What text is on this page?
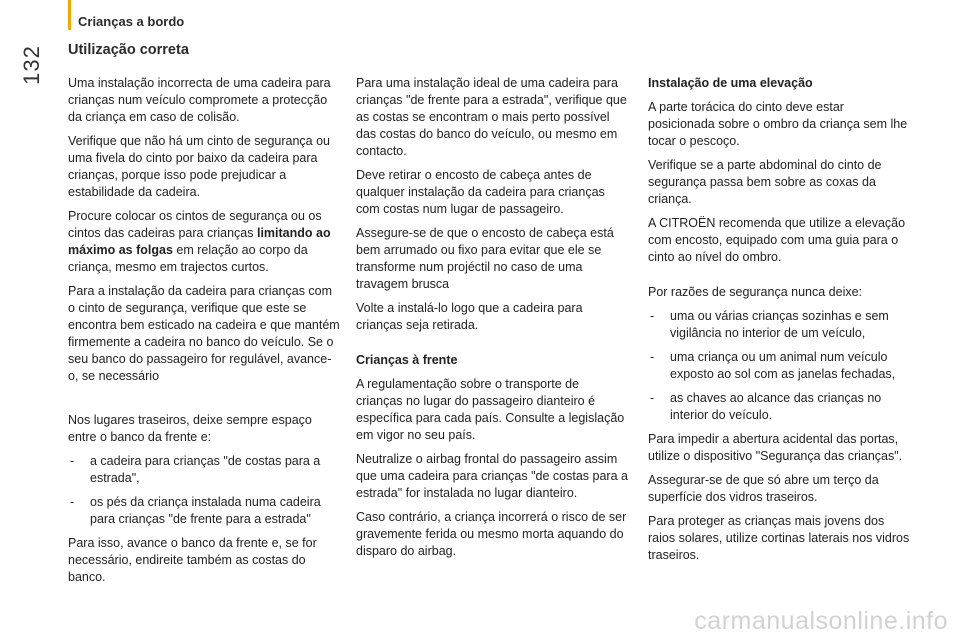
Crianças a bordo
132 Utilização correta

Uma instalação incorrecta de uma cadeira para crianças num veículo compromete a protecção da criança em caso de colisão.

Verifique que não há um cinto de segurança ou uma fivela do cinto por baixo da cadeira para crianças, porque isso pode prejudicar a estabilidade da cadeira.

Procure colocar os cintos de segurança ou os cintos das cadeiras para crianças limitando ao máximo as folgas em relação ao corpo da criança, mesmo em trajectos curtos.

Para a instalação da cadeira para crianças com o cinto de segurança, verifique que este se encontra bem esticado na cadeira e que mantém firmemente a cadeira no banco do veículo. Se o seu banco do passageiro for regulável, avance-o, se necessário

Nos lugares traseiros, deixe sempre espaço entre o banco da frente e:

- a cadeira para crianças "de costas para a estrada",
- os pés da criança instalada numa cadeira para crianças "de frente para a estrada"

Para isso, avance o banco da frente e, se for necessário, endireite também as costas do banco.

Para uma instalação ideal de uma cadeira para crianças "de frente para a estrada", verifique que as costas se encontram o mais perto possível das costas do banco do veículo, ou mesmo em contacto.

Deve retirar o encosto de cabeça antes de qualquer instalação da cadeira para crianças com costas num lugar de passageiro.

Assegure-se de que o encosto de cabeça está bem arrumado ou fixo para evitar que ele se transforme num projéctil no caso de uma travagem brusca

Volte a instalá-lo logo que a cadeira para crianças seja retirada.

Crianças à frente

A regulamentação sobre o transporte de crianças no lugar do passageiro dianteiro é específica para cada país. Consulte a legislação em vigor no seu país.

Neutralize o airbag frontal do passageiro assim que uma cadeira para crianças "de costas para a estrada" for instalada no lugar dianteiro.

Caso contrário, a criança incorrerá o risco de ser gravemente ferida ou mesmo morta aquando do disparo do airbag.

Instalação de uma elevação

A parte torácica do cinto deve estar posicionada sobre o ombro da criança sem lhe tocar o pescoço.

Verifique se a parte abdominal do cinto de segurança passa bem sobre as coxas da criança.

A CITROËN recomenda que utilize a elevação com encosto, equipado com uma guia para o cinto ao nível do ombro.

Por razões de segurança nunca deixe:

- uma ou várias crianças sozinhas e sem vigilância no interior de um veículo,
- uma criança ou um animal num veículo exposto ao sol com as janelas fechadas,
- as chaves ao alcance das crianças no interior do veículo.

Para impedir a abertura acidental das portas, utilize o dispositivo "Segurança das crianças".

Assegurar-se de que só abre um terço da superfície dos vidros traseiros.

Para proteger as crianças mais jovens dos raios solares, utilize cortinas laterais nos vidros traseiros.

carmanualsonline.info
